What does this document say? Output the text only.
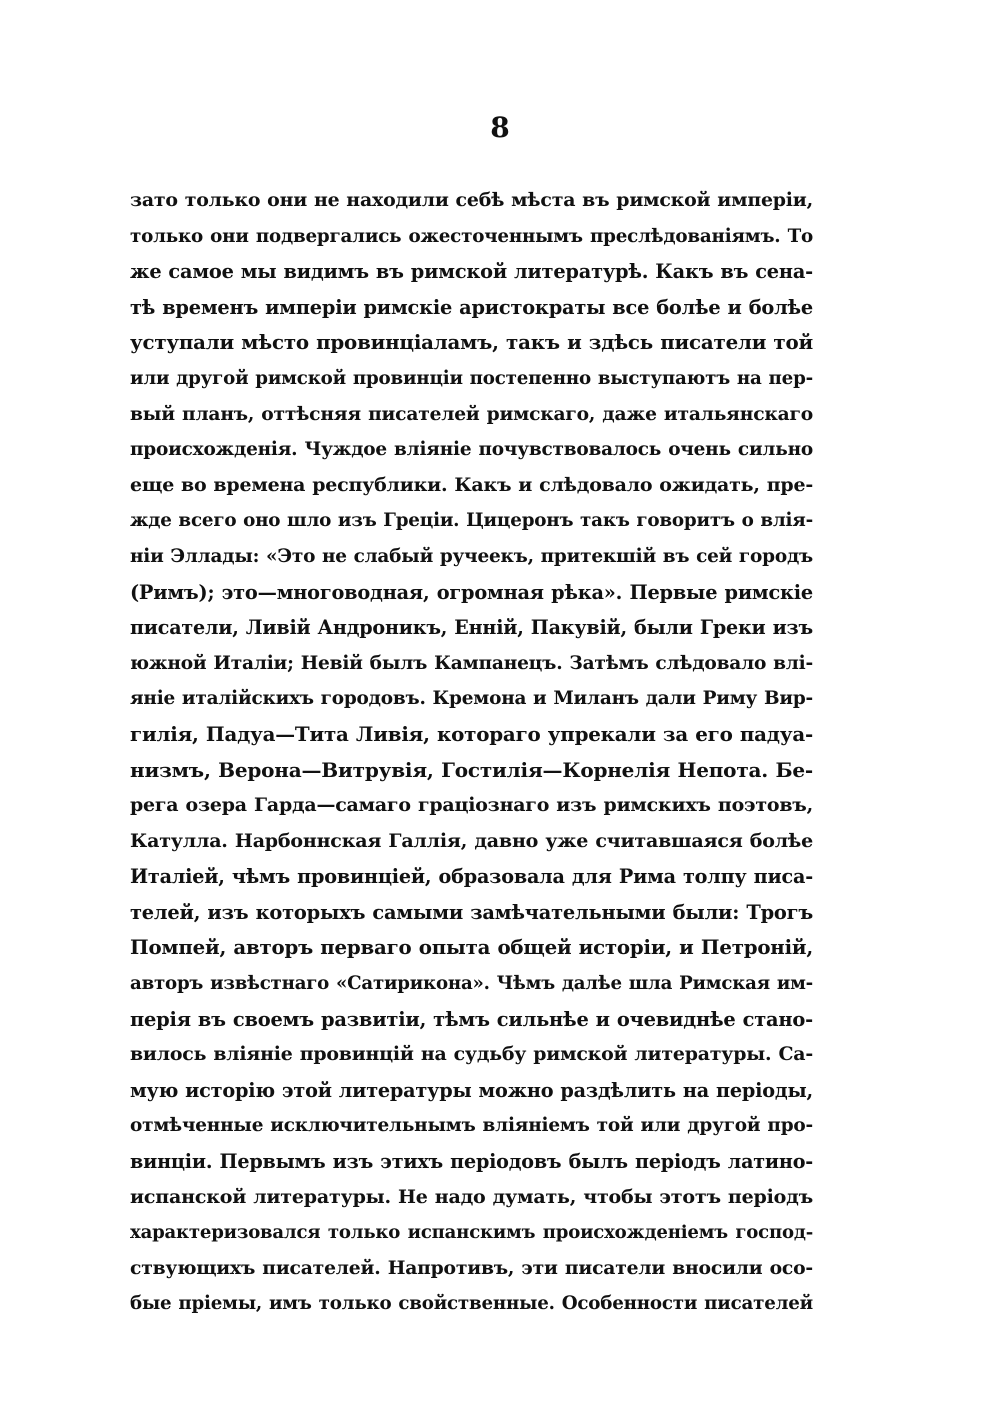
8
зато только они не находили себѣ мѣста въ римской имперіи,
только они подвергались ожесточеннымъ преслѣдованіямъ. То
же самое мы видимъ въ римской литературѣ. Какъ въ сена-
тѣ временъ имперіи римскіе аристократы все болѣе и болѣе
уступали мѣсто провинціаламъ, такъ и здѣсь писатели той
или другой римской провинціи постепенно выступаютъ на пер-
вый планъ, оттѣсняя писателей римскаго, даже итальянскаго
происхожденія. Чуждое вліяніе почувствовалось очень сильно
еще во времена республики. Какъ и слѣдовало ожидать, пре-
жде всего оно шло изъ Греціи. Цицеронъ такъ говоритъ о влія-
ніи Эллады: «Это не слабый ручеекъ, притекшій въ сей городъ
(Римъ); это—многоводная, огромная рѣка». Первые римскіе
писатели, Ливій Андроникъ, Енній, Пакувій, были Греки изъ
южной Италіи; Невій былъ Кампанецъ. Затѣмъ слѣдовало влі-
яніе италійскихъ городовъ. Кремона и Миланъ дали Риму Вир-
гилія, Падуа—Тита Ливія, котораго упрекали за его падуа-
низмъ, Верона—Витрувія, Гостилія—Корнелія Непота. Бе-
рега озера Гарда—самаго граціознаго изъ римскихъ поэтовъ,
Катулла. Нарбоннская Галлія, давно уже считавшаяся болѣе
Италіей, чѣмъ провинціей, образовала для Рима толпу писа-
телей, изъ которыхъ самыми замѣчательными были: Трогъ
Помпей, авторъ перваго опыта общей исторіи, и Петроній,
авторъ извѣстнаго «Сатирикона». Чѣмъ далѣе шла Римская им-
перія въ своемъ развитіи, тѣмъ сильнѣе и очевиднѣе стано-
вилось вліяніе провинцій на судьбу римской литературы. Са-
мую исторію этой литературы можно раздѣлить на періоды,
отмѣченные исключительнымъ вліяніемъ той или другой про-
винціи. Первымъ изъ этихъ періодовъ былъ періодъ латино-
испанской литературы. Не надо думать, чтобы этотъ періодъ
характеризовался только испанскимъ происхожденіемъ господ-
ствующихъ писателей. Напротивъ, эти писатели вносили осо-
бые пріемы, имъ только свойственные. Особенности писателей
